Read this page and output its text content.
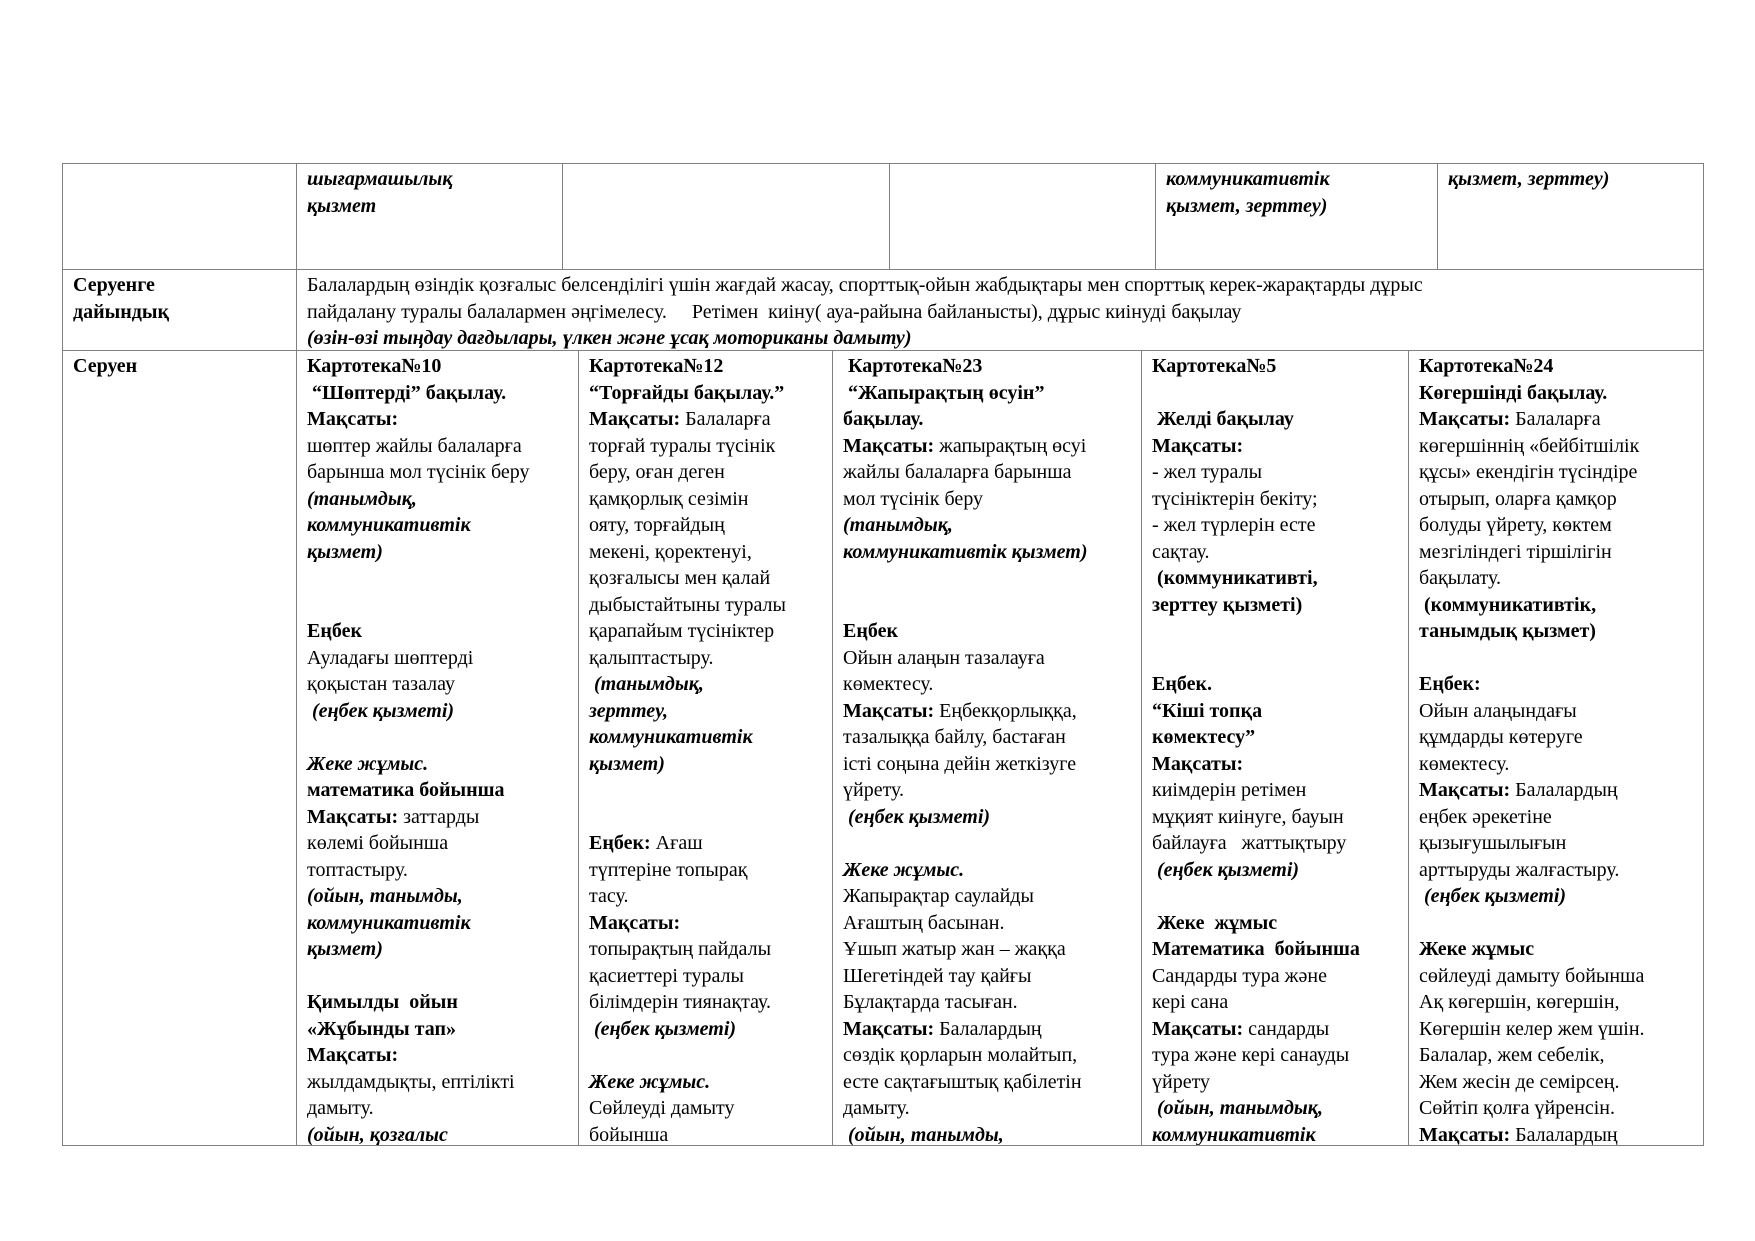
шығармашылық
қызмет
коммуникативтік
қызмет, зерттеу)
қызмет, зерттеу)
Серуенге
дайындық
Балалардың өзіндік қозғалыс белсенділігі үшін жағдай жасау, спорттық-ойын жабдықтары мен спорттық керек-жарақтарды дұрыс
пайдалану туралы балалармен әңгімелесу.     Ретімен  киіну( ауа-райына байланысты), дұрыс киінуді бақылау
(өзін-өзі тыңдау дағдылары, үлкен және ұсақ моториканы дамыту)
Серуен	Картотека№10
“Шөптерді” бақылау.
Мақсаты:
шөптер жайлы балаларға
барынша мол түсінік беру
(танымдық,
коммуникативтік
қызмет)

Еңбек
Ауладағы шөптерді
қоқыстан тазалау
(еңбек қызметі)

Жеке жұмыс.
математика бойынша
Мақсаты: заттарды
көлемі бойынша
топтастыру.
(ойын, танымды,
коммуникативтік
қызмет)

Қимылды  ойын
«Жұбынды тап»
Мақсаты:
жылдамдықты, ептілікті
дамыту.
(ойын, қозғалыс
Картотека№12
“Торғайды бақылау.”
Мақсаты: Балаларға
торғай туралы түсінік
беру, оған деген
қамқорлық сезімін
ояту, торғайдың
мекені, қоректенуі,
қозғалысы мен қалай
дыбыстайтыны туралы
қарапайым түсініктер
қалыптастыру.
(танымдық,
зерттеу,
коммуникативтік
қызмет)

Еңбек: Ағаш
түптеріне топырақ
тасу.
Мақсаты:
топырақтың пайдалы
қасиеттері туралы
білімдерін тиянақтау.
(еңбек қызметі)

Жеке жұмыс.
Сөйлеуді дамыту
бойынша
Картотека№23
“Жапырақтың өсуін”
бақылау.
Мақсаты: жапырақтың өсуі
жайлы балаларға барынша
мол түсінік беру
(танымдық,
коммуникативтік қызмет)

Еңбек
Ойын алаңын тазалауға
көмектесу.
Мақсаты: Еңбекқорлыққа,
тазалыққа байлу, бастаған
істі соңына дейін жеткізуге
үйрету.
(еңбек қызметі)

Жеке жұмыс.
Жапырақтар саулайды
Ағаштың басынан.
Ұшып жатыр жан – жаққа
Шегетіндей тау қайғы
Бұлақтарда тасыған.
Мақсаты: Балалардың
сөздік қорларын молайтып,
есте сақтағыштық қабілетін
дамыту.
(ойын, танымды,
Картотека№5

Желді бақылау
Мақсаты:
- жел туралы
түсініктерін бекіту;
- жел түрлерін есте
сақтау.
(коммуникативті,
зерттеу қызметі)

Еңбек.
“Кіші топқа
көмектесу”
Мақсаты:
киімдерін ретімен
мұқият киінуге, бауын
байлауға   жаттықтыру
(еңбек қызметі)

Жеке  жұмыс
Математика  бойынша
Сандарды тура және
кері сана
Мақсаты: сандарды
тура және кері санауды
үйрету
(ойын, танымдық,
коммуникативтік
Картотека№24
Көгершінді бақылау.
Мақсаты: Балаларға
көгершіннің «бейбітшілік
құсы» екендігін түсіндіре
отырып, оларға қамқор
болуды үйрету, көктем
мезгіліндегі тіршілігін
бақылату.
(коммуникативтік,
танымдық қызмет)

Еңбек:
Ойын алаңындағы
құмдарды көтеруге
көмектесу.
Мақсаты: Балалардың
еңбек әрекетіне
қызығушылығын
арттыруды жалғастыру.
(еңбек қызметі)

Жеке жұмыс
сөйлеуді дамыту бойынша
Ақ көгершін, көгершін,
Көгершін келер жем үшін.
Балалар, жем себелік,
Жем жесін де семірсең.
Сөйтіп қолға үйренсін.
Мақсаты: Балалардың
